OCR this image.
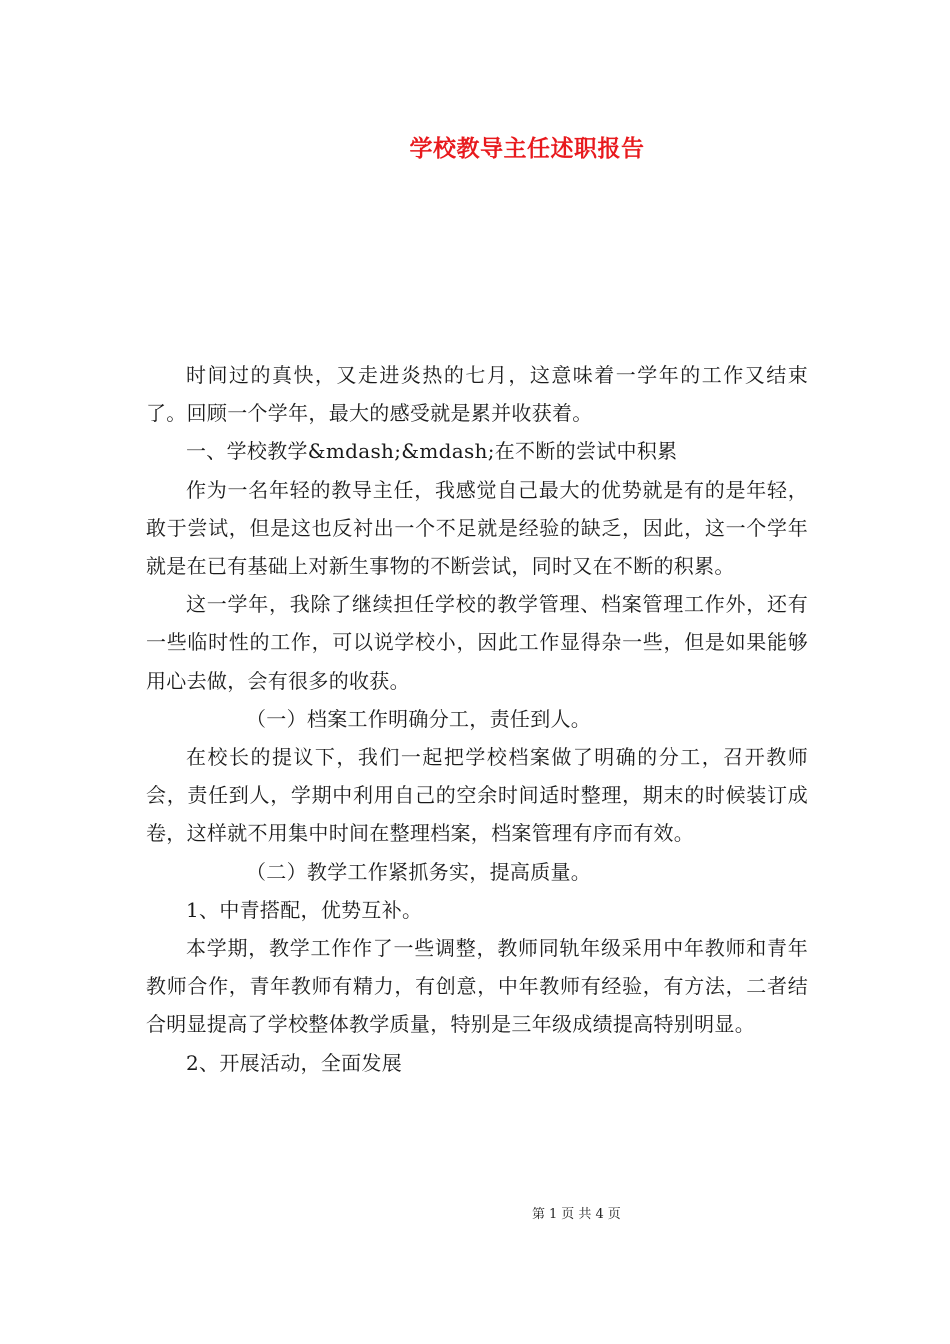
学校教导主任述职报告

时间过的真快，又走进炎热的七月，这意味着一学年的工作又结束了。回顾一个学年，最大的感受就是累并收获着。

一、学校教学&mdash;&mdash;在不断的尝试中积累

作为一名年轻的教导主任，我感觉自己最大的优势就是有的是年轻，敢于尝试，但是这也反衬出一个不足就是经验的缺乏，因此，这一个学年就是在已有基础上对新生事物的不断尝试，同时又在不断的积累。

这一学年，我除了继续担任学校的教学管理、档案管理工作外，还有一些临时性的工作，可以说学校小，因此工作显得杂一些，但是如果能够用心去做，会有很多的收获。

（一）档案工作明确分工，责任到人。

在校长的提议下，我们一起把学校档案做了明确的分工，召开教师会，责任到人，学期中利用自己的空余时间适时整理，期末的时候装订成卷，这样就不用集中时间在整理档案，档案管理有序而有效。

（二）教学工作紧抓务实，提高质量。

1、中青搭配，优势互补。

本学期，教学工作作了一些调整，教师同轨年级采用中年教师和青年教师合作，青年教师有精力，有创意，中年教师有经验，有方法，二者结合明显提高了学校整体教学质量，特别是三年级成绩提高特别明显。

2、开展活动，全面发展

第 1 页 共 4 页
